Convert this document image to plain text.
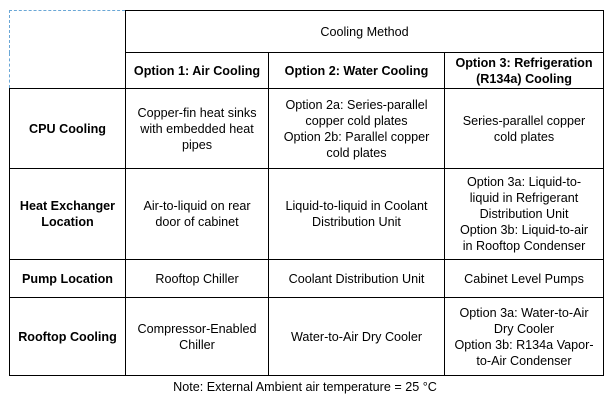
	Cooling Method		

	Option 1: Air Cooling	Option 2: Water Cooling	Option 3: Refrigeration
(R134a) Cooling

CPU Cooling	Copper-fin heat sinks
with embedded heat
pipes	Option 2a: Series-parallel
copper cold plates
Option 2b: Parallel copper
cold plates	Series-parallel copper
cold plates

Heat Exchanger
Location	Air-to-liquid on rear
door of cabinet	Liquid-to-liquid in Coolant
Distribution Unit	Option 3a: Liquid-to-
liquid in Refrigerant
Distribution Unit
Option 3b: Liquid-to-air
in Rooftop Condenser

Pump Location	Rooftop Chiller	Coolant Distribution Unit	Cabinet Level Pumps

Rooftop Cooling	Compressor-Enabled
Chiller	Water-to-Air Dry Cooler	Option 3a: Water-to-Air
Dry Cooler
Option 3b: R134a Vapor-
to-Air Condenser
Note: External Ambient air temperature = 25 °C
